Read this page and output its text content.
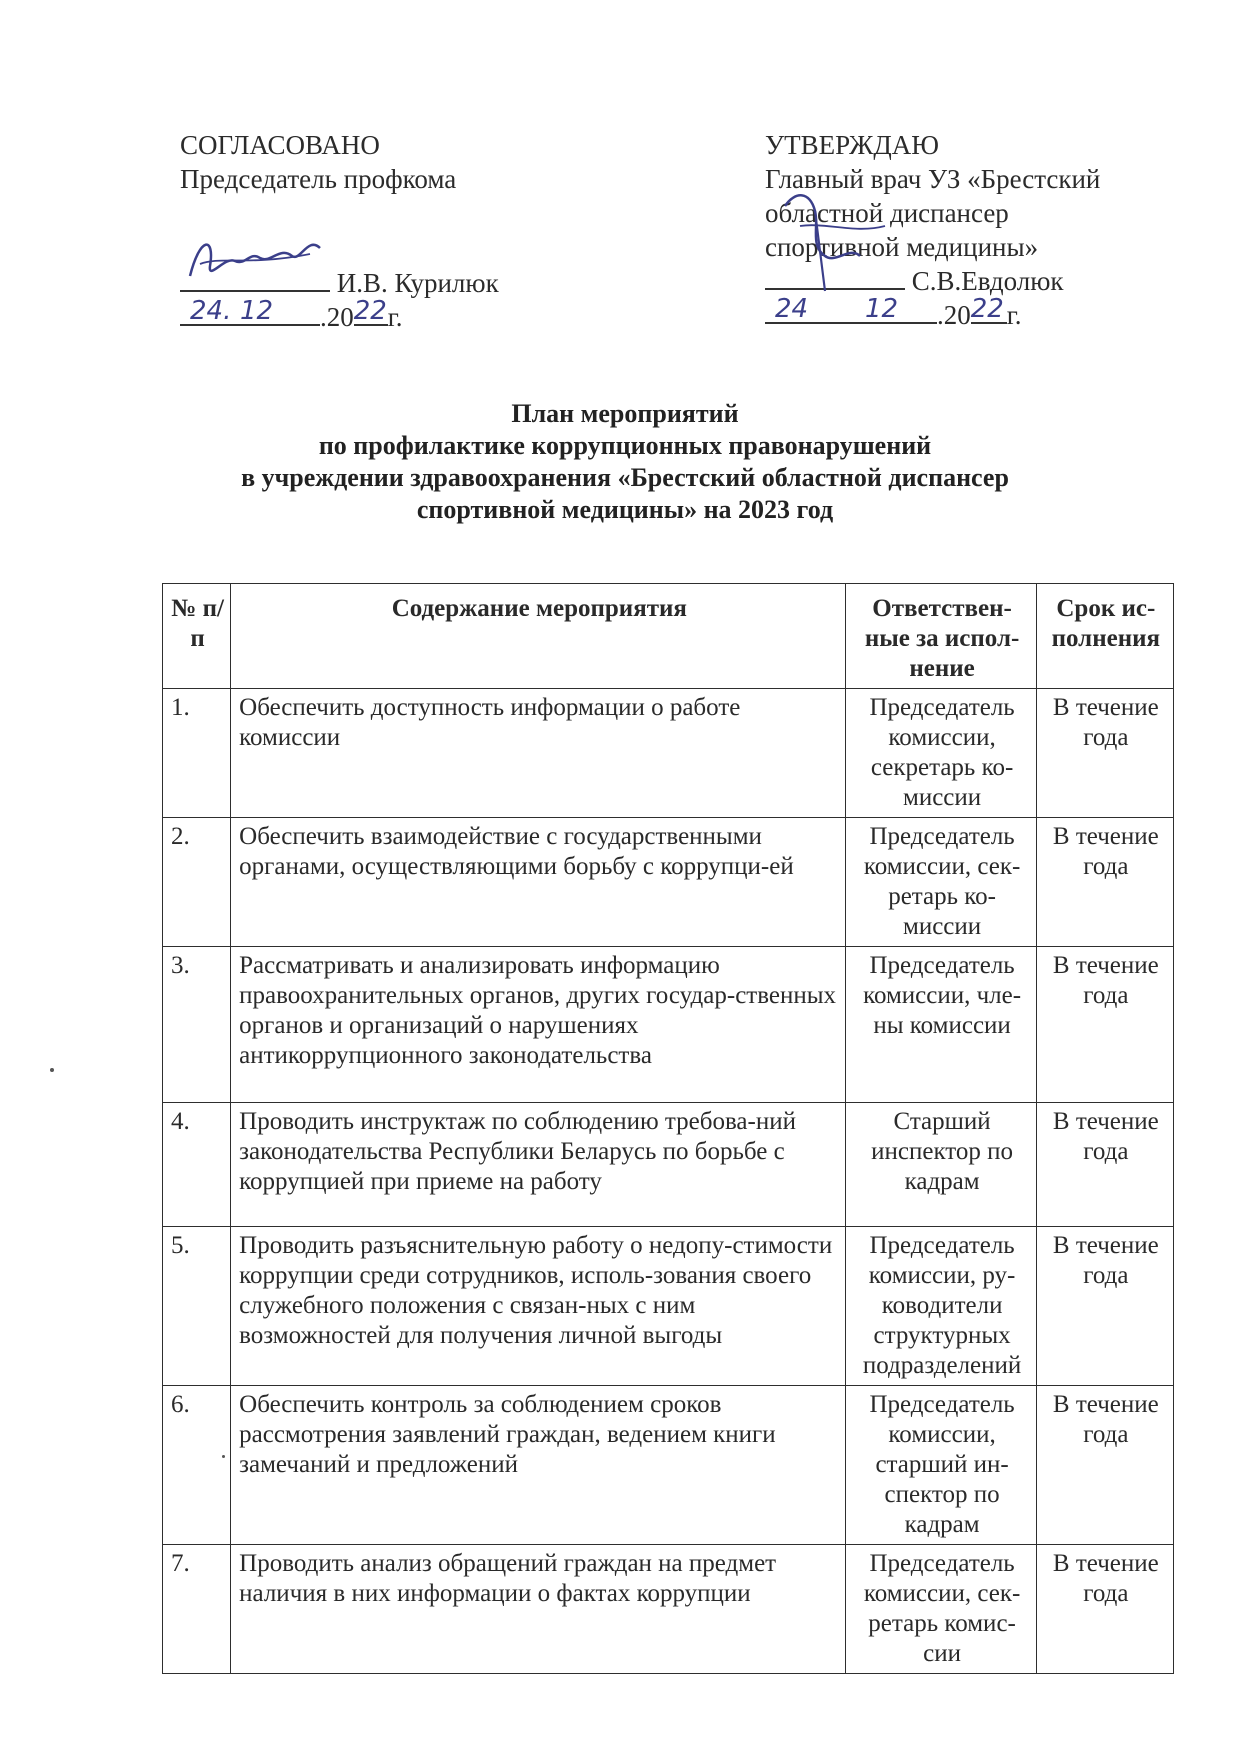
СОГЛАСОВАНО
Председатель профкома
И.В. Курилюк
24. 12 .20 22 г.
УТВЕРЖДАЮ
Главный врач УЗ «Брестский
областной диспансер
спортивной медицины»
С.В.Евдолюк
24 12 .20 22 г.
План мероприятий
по профилактике коррупционных правонарушений
в учреждении здравоохранения «Брестский областной диспансер
спортивной медицины» на 2023 год
№ п/п	Содержание мероприятия	Ответствен-ные за испол-нение	Срок ис-полнения
1.	Обеспечить доступность информации о работе комиссии	Председатель комиссии, секретарь ко-миссии	В течение года
2.	Обеспечить взаимодействие с государственными органами, осуществляющими борьбу с коррупци-ей	Председатель комиссии, сек-ретарь ко-миссии	В течение года
3.	Рассматривать и анализировать информацию правоохранительных органов, других государ-ственных органов и организаций о нарушениях антикоррупционного законодательства	Председатель комиссии, чле-ны комиссии	В течение года
4.	Проводить инструктаж по соблюдению требова-ний законодательства Республики Беларусь по борьбе с коррупцией при приеме на работу	Старший инспектор по кадрам	В течение года
5.	Проводить разъяснительную работу о недопу-стимости коррупции среди сотрудников, исполь-зования своего служебного положения с связан-ных с ним возможностей для получения личной выгоды	Председатель комиссии, ру-ководители структурных подразделений	В течение года
6.	Обеспечить контроль за соблюдением сроков рассмотрения заявлений граждан, ведением книги замечаний и предложений	Председатель комиссии, старший ин-спектор по кадрам	В течение года
7.	Проводить анализ обращений граждан на предмет наличия в них информации о фактах коррупции	Председатель комиссии, сек-ретарь комис-сии	В течение года
